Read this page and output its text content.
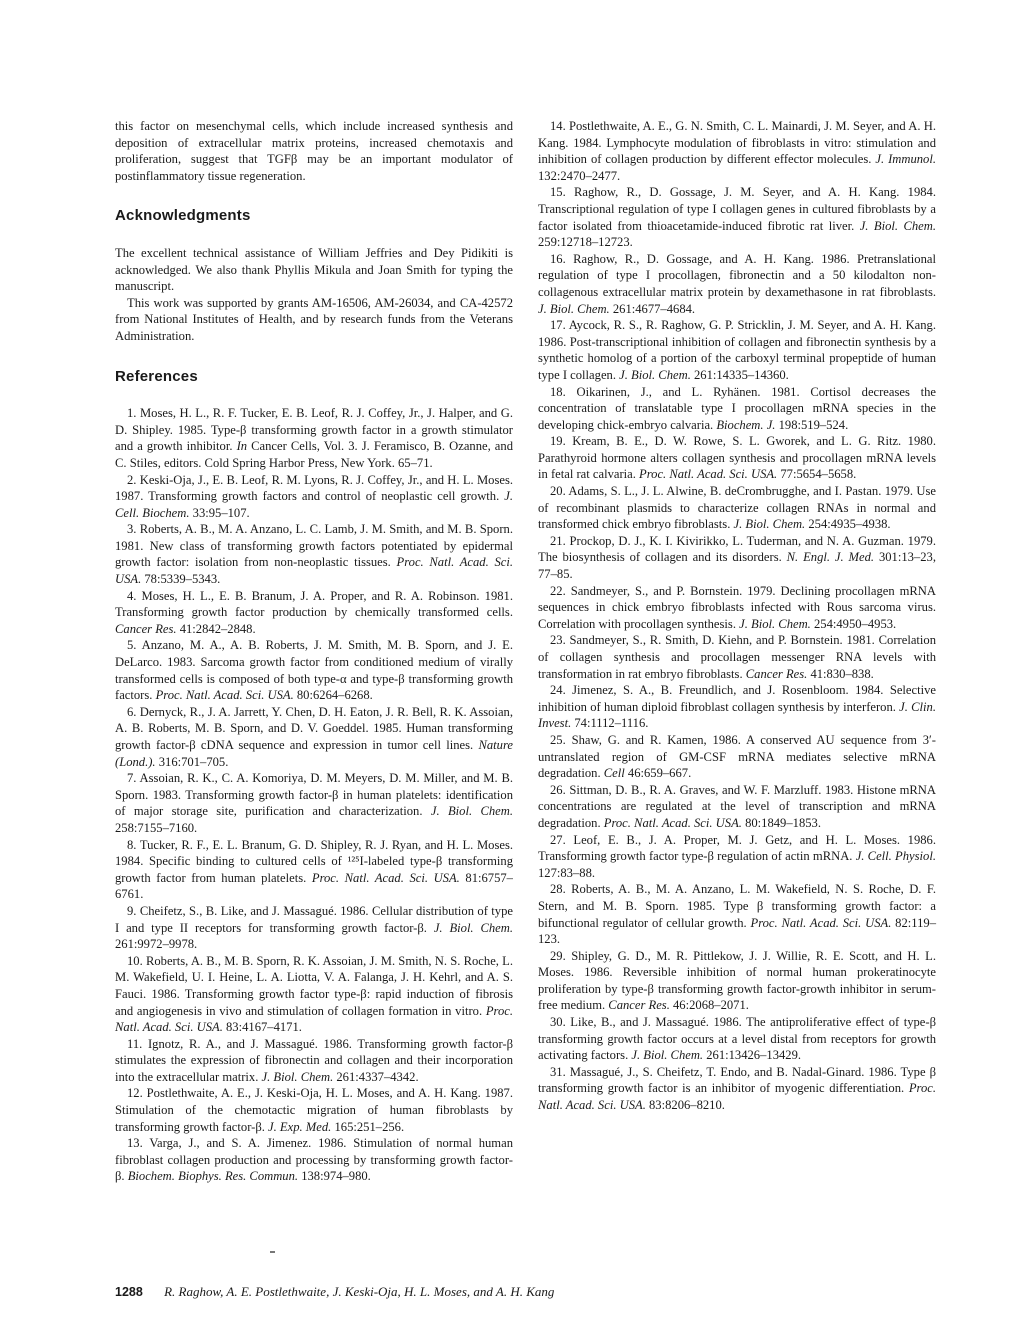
this factor on mesenchymal cells, which include increased synthesis and deposition of extracellular matrix proteins, increased chemotaxis and proliferation, suggest that TGFβ may be an important modulator of postinflammatory tissue regeneration.

Acknowledgments

The excellent technical assistance of William Jeffries and Dey Pidikiti is acknowledged. We also thank Phyllis Mikula and Joan Smith for typing the manuscript.

This work was supported by grants AM-16506, AM-26034, and CA-42572 from National Institutes of Health, and by research funds from the Veterans Administration.

References

1. Moses, H. L., R. F. Tucker, E. B. Leof, R. J. Coffey, Jr., J. Halper, and G. D. Shipley. 1985. Type-β transforming growth factor in a growth stimulator and a growth inhibitor. In Cancer Cells, Vol. 3. J. Feramisco, B. Ozanne, and C. Stiles, editors. Cold Spring Harbor Press, New York. 65–71.

2. Keski-Oja, J., E. B. Leof, R. M. Lyons, R. J. Coffey, Jr., and H. L. Moses. 1987. Transforming growth factors and control of neoplastic cell growth. J. Cell. Biochem. 33:95–107.

3. Roberts, A. B., M. A. Anzano, L. C. Lamb, J. M. Smith, and M. B. Sporn. 1981. New class of transforming growth factors potentiated by epidermal growth factor: isolation from non-neoplastic tissues. Proc. Natl. Acad. Sci. USA. 78:5339–5343.

4. Moses, H. L., E. B. Branum, J. A. Proper, and R. A. Robinson. 1981. Transforming growth factor production by chemically transformed cells. Cancer Res. 41:2842–2848.

5. Anzano, M. A., A. B. Roberts, J. M. Smith, M. B. Sporn, and J. E. DeLarco. 1983. Sarcoma growth factor from conditioned medium of virally transformed cells is composed of both type-α and type-β transforming growth factors. Proc. Natl. Acad. Sci. USA. 80:6264–6268.

6. Dernyck, R., J. A. Jarrett, Y. Chen, D. H. Eaton, J. R. Bell, R. K. Assoian, A. B. Roberts, M. B. Sporn, and D. V. Goeddel. 1985. Human transforming growth factor-β cDNA sequence and expression in tumor cell lines. Nature (Lond.). 316:701–705.

7. Assoian, R. K., C. A. Komoriya, D. M. Meyers, D. M. Miller, and M. B. Sporn. 1983. Transforming growth factor-β in human platelets: identification of major storage site, purification and characterization. J. Biol. Chem. 258:7155–7160.

8. Tucker, R. F., E. L. Branum, G. D. Shipley, R. J. Ryan, and H. L. Moses. 1984. Specific binding to cultured cells of ¹²⁵I-labeled type-β transforming growth factor from human platelets. Proc. Natl. Acad. Sci. USA. 81:6757–6761.

9. Cheifetz, S., B. Like, and J. Massagué. 1986. Cellular distribution of type I and type II receptors for transforming growth factor-β. J. Biol. Chem. 261:9972–9978.

10. Roberts, A. B., M. B. Sporn, R. K. Assoian, J. M. Smith, N. S. Roche, L. M. Wakefield, U. I. Heine, L. A. Liotta, V. A. Falanga, J. H. Kehrl, and A. S. Fauci. 1986. Transforming growth factor type-β: rapid induction of fibrosis and angiogenesis in vivo and stimulation of collagen formation in vitro. Proc. Natl. Acad. Sci. USA. 83:4167–4171.

11. Ignotz, R. A., and J. Massagué. 1986. Transforming growth factor-β stimulates the expression of fibronectin and collagen and their incorporation into the extracellular matrix. J. Biol. Chem. 261:4337–4342.

12. Postlethwaite, A. E., J. Keski-Oja, H. L. Moses, and A. H. Kang. 1987. Stimulation of the chemotactic migration of human fibroblasts by transforming growth factor-β. J. Exp. Med. 165:251–256.

13. Varga, J., and S. A. Jimenez. 1986. Stimulation of normal human fibroblast collagen production and processing by transforming growth factor-β. Biochem. Biophys. Res. Commun. 138:974–980.

14. Postlethwaite, A. E., G. N. Smith, C. L. Mainardi, J. M. Seyer, and A. H. Kang. 1984. Lymphocyte modulation of fibroblasts in vitro: stimulation and inhibition of collagen production by different effector molecules. J. Immunol. 132:2470–2477.

15. Raghow, R., D. Gossage, J. M. Seyer, and A. H. Kang. 1984. Transcriptional regulation of type I collagen genes in cultured fibroblasts by a factor isolated from thioacetamide-induced fibrotic rat liver. J. Biol. Chem. 259:12718–12723.

16. Raghow, R., D. Gossage, and A. H. Kang. 1986. Pretranslational regulation of type I procollagen, fibronectin and a 50 kilodalton non-collagenous extracellular matrix protein by dexamethasone in rat fibroblasts. J. Biol. Chem. 261:4677–4684.

17. Aycock, R. S., R. Raghow, G. P. Stricklin, J. M. Seyer, and A. H. Kang. 1986. Post-transcriptional inhibition of collagen and fibronectin synthesis by a synthetic homolog of a portion of the carboxyl terminal propeptide of human type I collagen. J. Biol. Chem. 261:14335–14360.

18. Oikarinen, J., and L. Ryhänen. 1981. Cortisol decreases the concentration of translatable type I procollagen mRNA species in the developing chick-embryo calvaria. Biochem. J. 198:519–524.

19. Kream, B. E., D. W. Rowe, S. L. Gworek, and L. G. Ritz. 1980. Parathyroid hormone alters collagen synthesis and procollagen mRNA levels in fetal rat calvaria. Proc. Natl. Acad. Sci. USA. 77:5654–5658.

20. Adams, S. L., J. L. Alwine, B. deCrombrugghe, and I. Pastan. 1979. Use of recombinant plasmids to characterize collagen RNAs in normal and transformed chick embryo fibroblasts. J. Biol. Chem. 254:4935–4938.

21. Prockop, D. J., K. I. Kivirikko, L. Tuderman, and N. A. Guzman. 1979. The biosynthesis of collagen and its disorders. N. Engl. J. Med. 301:13–23, 77–85.

22. Sandmeyer, S., and P. Bornstein. 1979. Declining procollagen mRNA sequences in chick embryo fibroblasts infected with Rous sarcoma virus. Correlation with procollagen synthesis. J. Biol. Chem. 254:4950–4953.

23. Sandmeyer, S., R. Smith, D. Kiehn, and P. Bornstein. 1981. Correlation of collagen synthesis and procollagen messenger RNA levels with transformation in rat embryo fibroblasts. Cancer Res. 41:830–838.

24. Jimenez, S. A., B. Freundlich, and J. Rosenbloom. 1984. Selective inhibition of human diploid fibroblast collagen synthesis by interferon. J. Clin. Invest. 74:1112–1116.

25. Shaw, G. and R. Kamen, 1986. A conserved AU sequence from 3′-untranslated region of GM-CSF mRNA mediates selective mRNA degradation. Cell 46:659–667.

26. Sittman, D. B., R. A. Graves, and W. F. Marzluff. 1983. Histone mRNA concentrations are regulated at the level of transcription and mRNA degradation. Proc. Natl. Acad. Sci. USA. 80:1849–1853.

27. Leof, E. B., J. A. Proper, M. J. Getz, and H. L. Moses. 1986. Transforming growth factor type-β regulation of actin mRNA. J. Cell. Physiol. 127:83–88.

28. Roberts, A. B., M. A. Anzano, L. M. Wakefield, N. S. Roche, D. F. Stern, and M. B. Sporn. 1985. Type β transforming growth factor: a bifunctional regulator of cellular growth. Proc. Natl. Acad. Sci. USA. 82:119–123.

29. Shipley, G. D., M. R. Pittlekow, J. J. Willie, R. E. Scott, and H. L. Moses. 1986. Reversible inhibition of normal human prokeratinocyte proliferation by type-β transforming growth factor-growth inhibitor in serum-free medium. Cancer Res. 46:2068–2071.

30. Like, B., and J. Massagué. 1986. The antiproliferative effect of type-β transforming growth factor occurs at a level distal from receptors for growth activating factors. J. Biol. Chem. 261:13426–13429.

31. Massagué, J., S. Cheifetz, T. Endo, and B. Nadal-Ginard. 1986. Type β transforming growth factor is an inhibitor of myogenic differentiation. Proc. Natl. Acad. Sci. USA. 83:8206–8210.

1288 R. Raghow, A. E. Postlethwaite, J. Keski-Oja, H. L. Moses, and A. H. Kang
